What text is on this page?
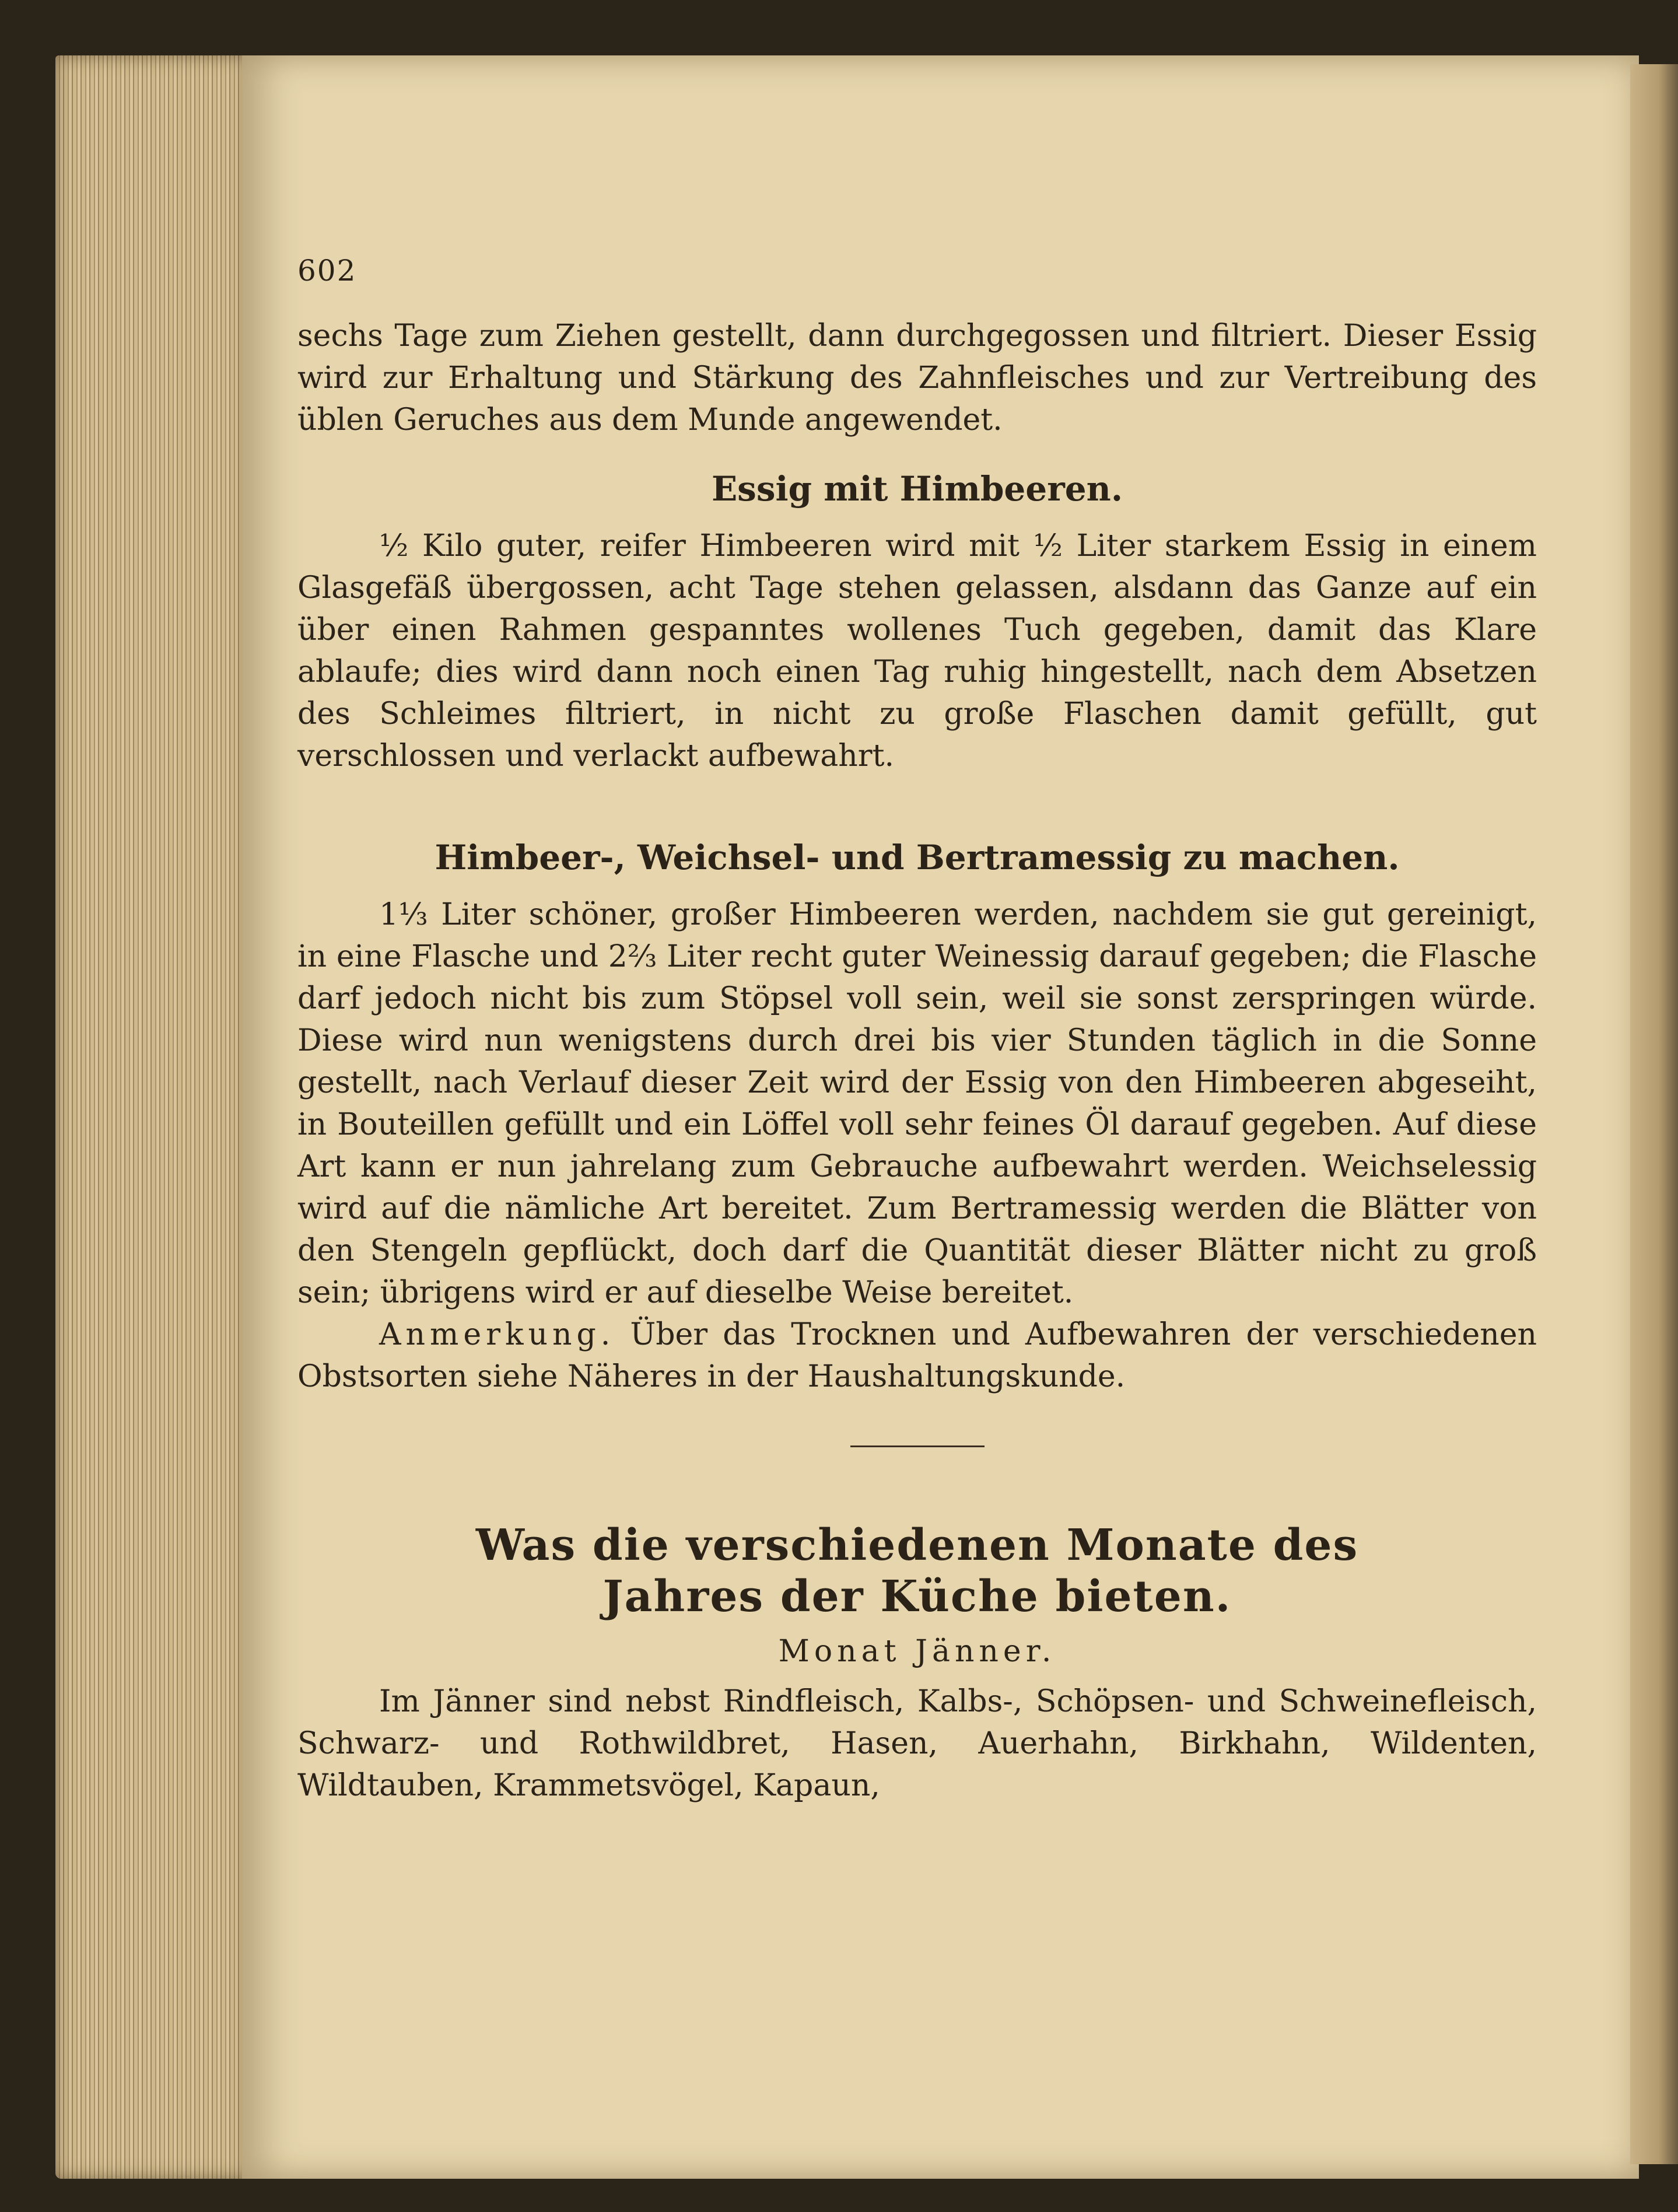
602

sechs Tage zum Ziehen gestellt, dann durchgegossen und filtriert. Dieser Essig wird zur Erhaltung und Stärkung des Zahnfleisches und zur Vertreibung des üblen Geruches aus dem Munde angewendet.

Essig mit Himbeeren.

½ Kilo guter, reifer Himbeeren wird mit ½ Liter starkem Essig in einem Glasgefäß übergossen, acht Tage stehen gelassen, alsdann das Ganze auf ein über einen Rahmen gespanntes wollenes Tuch gegeben, damit das Klare ablaufe; dies wird dann noch einen Tag ruhig hingestellt, nach dem Absetzen des Schleimes filtriert, in nicht zu große Flaschen damit gefüllt, gut verschlossen und verlackt aufbewahrt.

Himbeer-, Weichsel- und Bertramessig zu machen.

1⅓ Liter schöner, großer Himbeeren werden, nachdem sie gut gereinigt, in eine Flasche und 2⅔ Liter recht guter Weinessig darauf gegeben; die Flasche darf jedoch nicht bis zum Stöpsel voll sein, weil sie sonst zerspringen würde. Diese wird nun wenigstens durch drei bis vier Stunden täglich in die Sonne gestellt, nach Verlauf dieser Zeit wird der Essig von den Himbeeren abgeseiht, in Bouteillen gefüllt und ein Löffel voll sehr feines Öl darauf gegeben. Auf diese Art kann er nun jahrelang zum Gebrauche aufbewahrt werden. Weichselessig wird auf die nämliche Art bereitet. Zum Bertramessig werden die Blätter von den Stengeln gepflückt, doch darf die Quantität dieser Blätter nicht zu groß sein; übrigens wird er auf dieselbe Weise bereitet.

Anmerkung. Über das Trocknen und Aufbewahren der verschiedenen Obstsorten siehe Näheres in der Haushaltungskunde.

Was die verschiedenen Monate des
Jahres der Küche bieten.
Monat Jänner.

Im Jänner sind nebst Rindfleisch, Kalbs-, Schöpsen- und Schweinefleisch, Schwarz- und Rothwildbret, Hasen, Auerhahn, Birkhahn, Wildenten, Wildtauben, Krammetsvögel, Kapaun,
